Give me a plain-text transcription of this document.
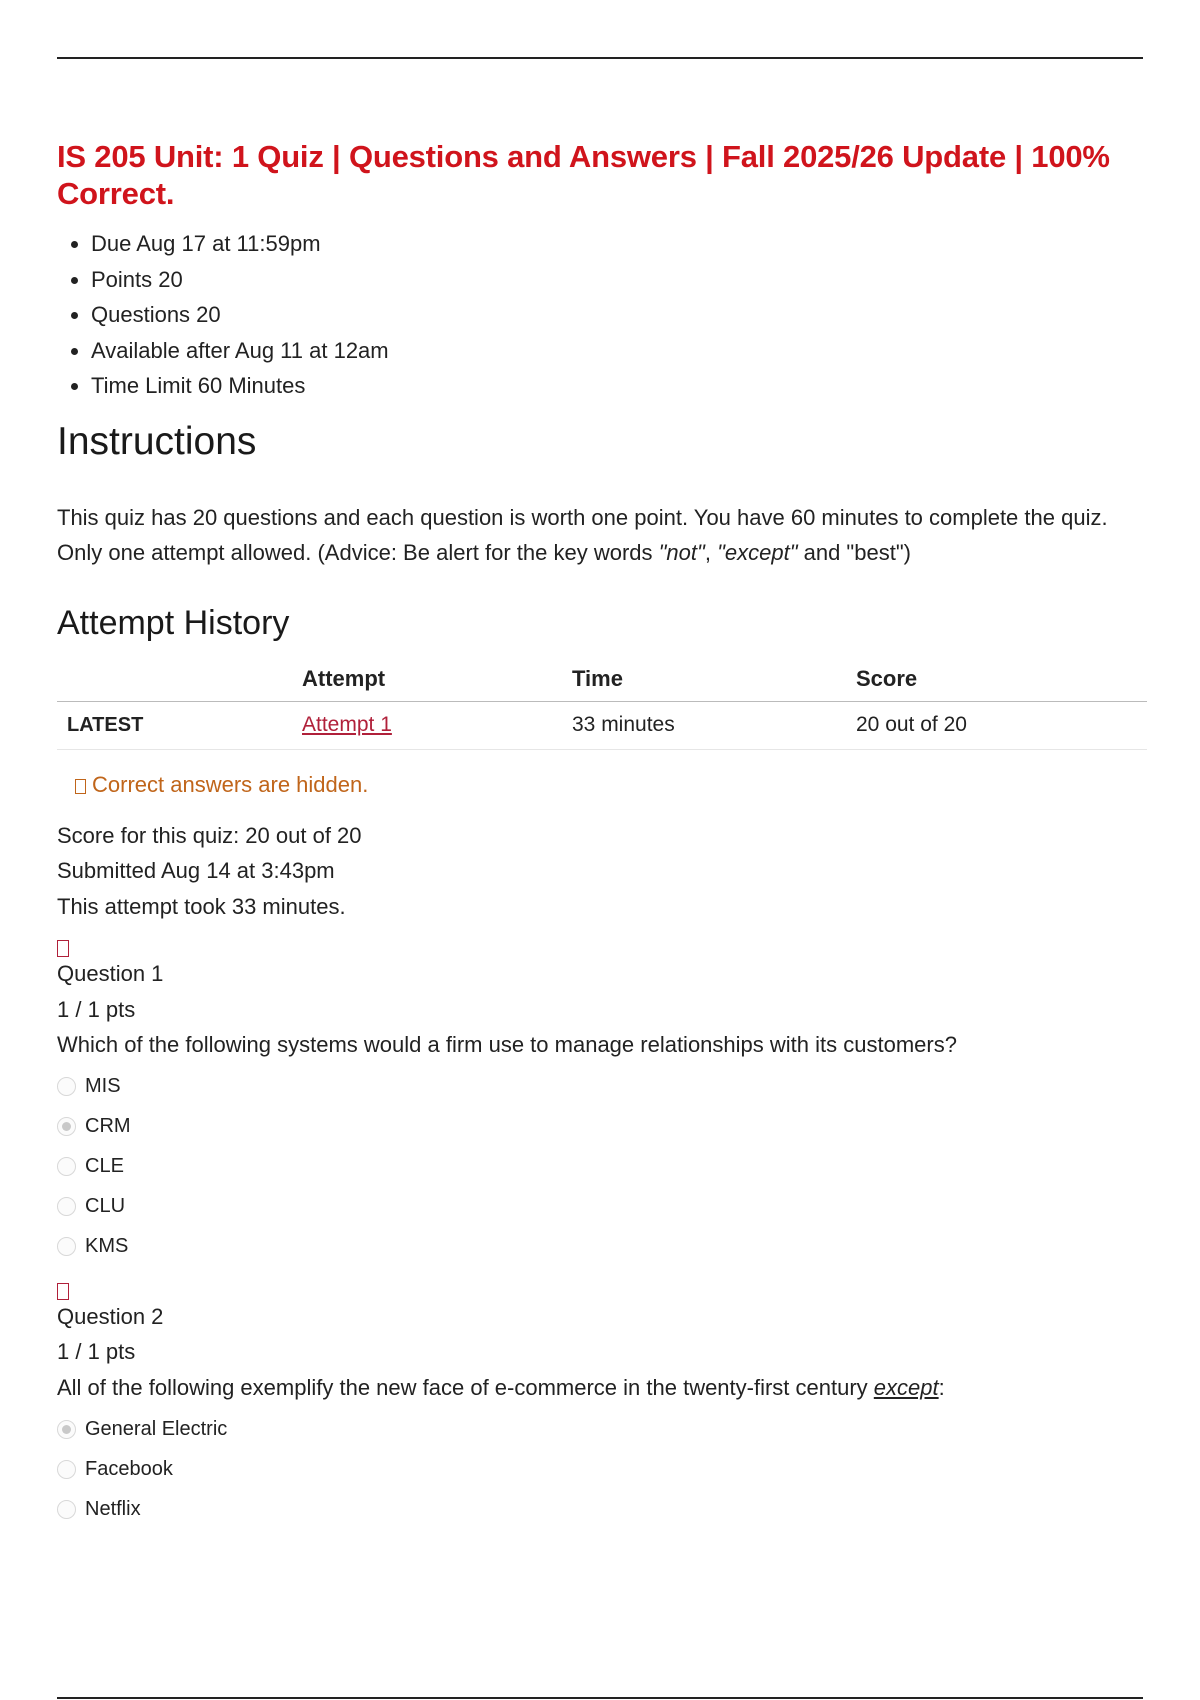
IS 205 Unit: 1 Quiz | Questions and Answers | Fall 2025/26 Update | 100% Correct.
• Due Aug 17 at 11:59pm
• Points 20
• Questions 20
• Available after Aug 11 at 12am
• Time Limit 60 Minutes
Instructions

This quiz has 20 questions and each question is worth one point. You have 60 minutes to complete the quiz. Only one attempt allowed. (Advice: Be alert for the key words "not", "except" and "best")

Attempt History
	Attempt	Time	Score
LATEST	Attempt 1	33 minutes	20 out of 20
Correct answers are hidden.
Score for this quiz: 20 out of 20
Submitted Aug 14 at 3:43pm
This attempt took 33 minutes.
Question 1
1 / 1 pts
Which of the following systems would a firm use to manage relationships with its customers?
MIS
CRM
CLE
CLU
KMS
Question 2
1 / 1 pts
All of the following exemplify the new face of e-commerce in the twenty-first century except:
General Electric
Facebook
Netflix
